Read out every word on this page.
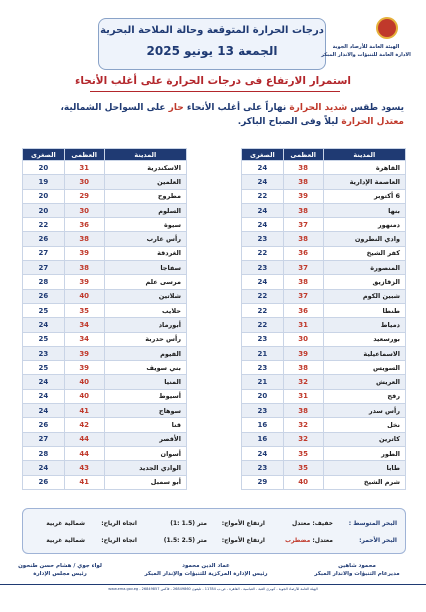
درجات الحرارة المتوقعة وحالة الملاحة البحرية
الجمعة 13 يونيو 2025	الهيئة العامة للأرصاد الجوية
الادارة العامة للتنبؤات والانذار المبكر
استمرار الارتفاع فى درجات الحرارة على أغلب الأنحاء
يسود طقس شديد الحرارة نهاراً على أغلب الأنحاء حار على السواحل الشمالية،
معتدل الحرارة ليلاً وفى الصباح الباكر.
المدينة	العظمى	الصغرى
القاهرة	38	24
العاصمة الإدارية	38	24
6 أكتوبر	39	22
بنها	38	24
دمنهور	37	24
وادي النطرون	38	23
كفر الشيخ	36	22
المنصورة	37	23
الزقازيق	38	24
شبين الكوم	37	22
طنطا	36	22
دمياط	31	22
بورسعيد	30	23
الاسماعيلية	39	21
السويس	38	23
العريش	32	21
رفح	31	20
رأس سدر	38	23
نخل	32	16
كاترين	32	16
الطور	35	24
طابا	35	23
شرم الشيخ	40	29
المدينة	العظمى	الصغرى
الاسكندرية	31	20
العلمين	30	19
مطروح	29	20
السلوم	30	20
سيوة	36	22
رأس غارب	38	26
الغردقة	39	27
سفاجا	38	27
مرسى علم	39	28
شلاتين	40	26
حلايب	35	25
أبورماد	34	24
رأس حدربة	34	25
الفيوم	39	23
بني سويف	39	25
المنيا	40	24
أسيوط	40	24
سوهاج	41	24
قنا	42	26
الأقصر	44	27
أسوان	44	28
الوادي الجديد	43	24
أبو سمبل	41	26
البحر المتوسط :
خفيف: معتدل
ارتفاع الأمواج:
(1: 1.5) متر
اتجاه الرياح:
شمالية غربية
البحر الأحمر:
معتدل: مضطرب
ارتفاع الأمواج:
(1.5: 2.5) متر
اتجاه الرياح:
شمالية غربية
محمود شاهين
مديرعام التنبؤات والانذار المبكر
عماد الدين محمود
رئيس الإدارة المركزية للتنبؤات والإنذار المبكر
لواء جوي / هشام حسن طنحون
رئيس مجلس الإدارة
الهيئة العامة للأرصاد الجوية - كوبرى القبة - العباسية - القاهرة - ص.ب 11784 - تليفون 26849860 - فاكس 26849857 - www.ema.gov.eg
